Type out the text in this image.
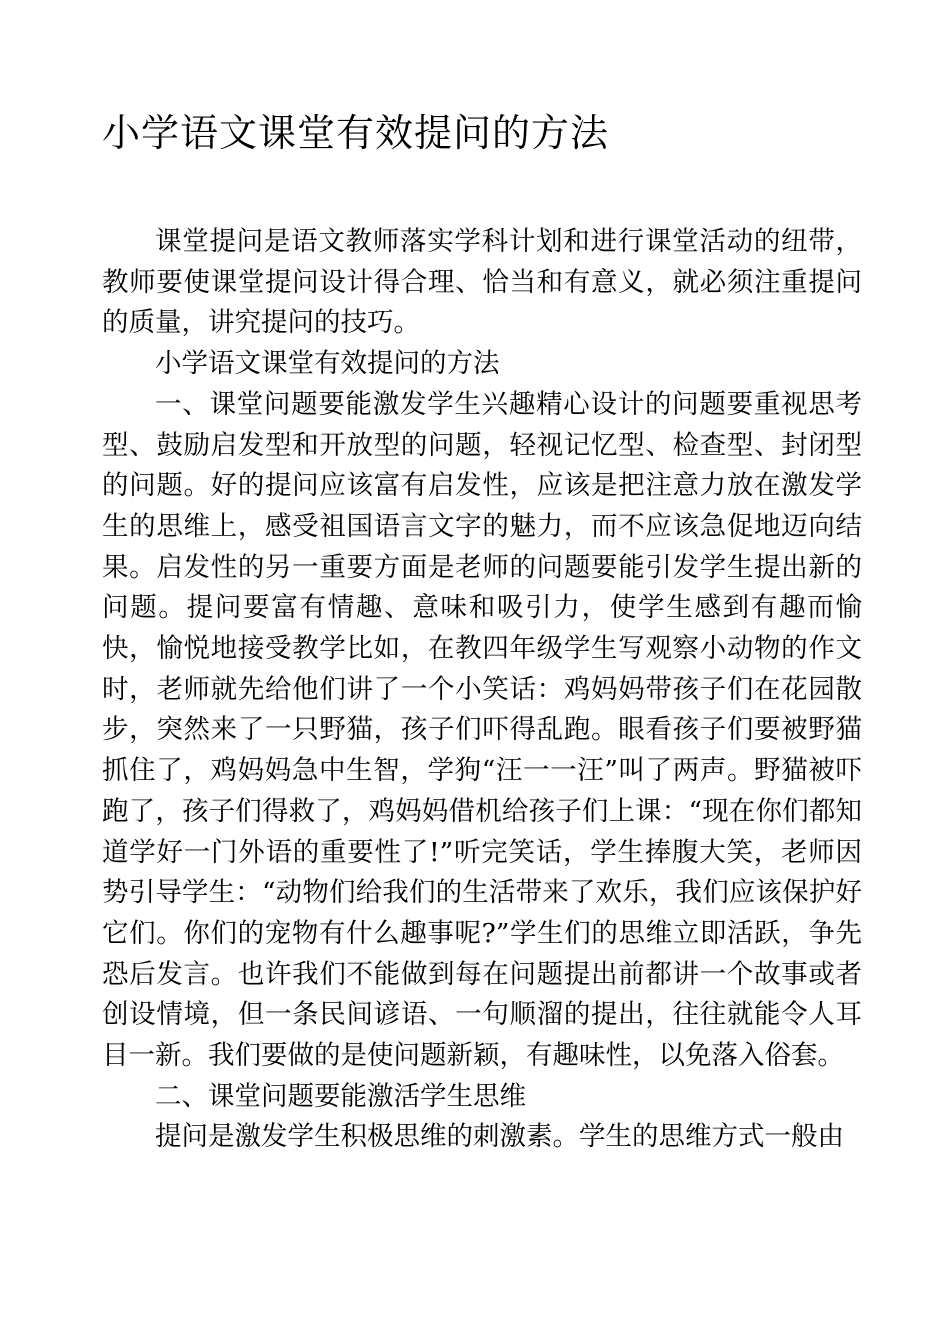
小学语文课堂有效提问的方法

课堂提问是语文教师落实学科计划和进行课堂活动的纽带，教师要使课堂提问设计得合理、恰当和有意义，就必须注重提问的质量，讲究提问的技巧。

小学语文课堂有效提问的方法

一、课堂问题要能激发学生兴趣精心设计的问题要重视思考型、鼓励启发型和开放型的问题，轻视记忆型、检查型、封闭型的问题。好的提问应该富有启发性，应该是把注意力放在激发学生的思维上，感受祖国语言文字的魅力，而不应该急促地迈向结果。启发性的另一重要方面是老师的问题要能引发学生提出新的问题。提问要富有情趣、意味和吸引力，使学生感到有趣而愉快，愉悦地接受教学比如，在教四年级学生写观察小动物的作文时，老师就先给他们讲了一个小笑话：鸡妈妈带孩子们在花园散步，突然来了一只野猫，孩子们吓得乱跑。眼看孩子们要被野猫抓住了，鸡妈妈急中生智，学狗“汪一一汪”叫了两声。野猫被吓跑了，孩子们得救了，鸡妈妈借机给孩子们上课：“现在你们都知道学好一门外语的重要性了!”听完笑话，学生捧腹大笑，老师因势引导学生：“动物们给我们的生活带来了欢乐，我们应该保护好它们。你们的宠物有什么趣事呢?”学生们的思维立即活跃，争先恐后发言。也许我们不能做到每在问题提出前都讲一个故事或者创设情境，但一条民间谚语、一句顺溜的提出，往往就能令人耳目一新。我们要做的是使问题新颖，有趣味性，以免落入俗套。

二、课堂问题要能激活学生思维

提问是激发学生积极思维的刺激素。学生的思维方式一般由
